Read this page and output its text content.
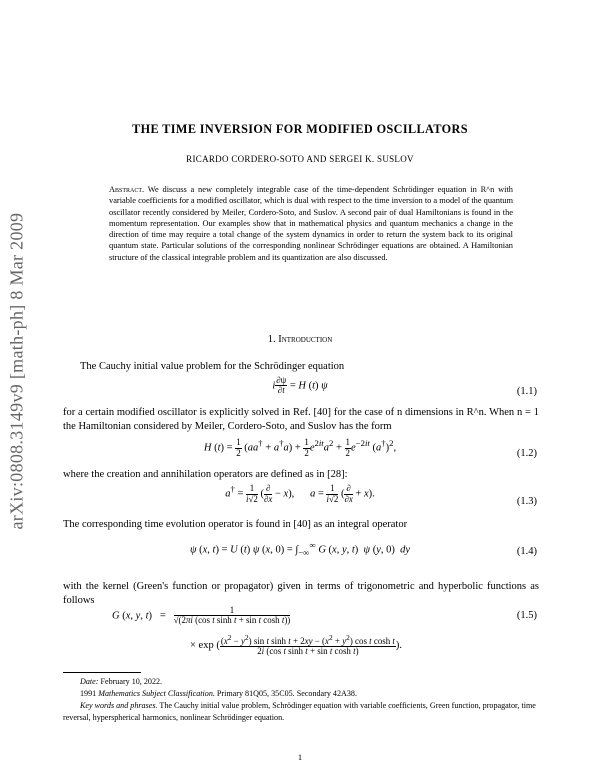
arXiv:0808.3149v9 [math-ph] 8 Mar 2009
THE TIME INVERSION FOR MODIFIED OSCILLATORS
RICARDO CORDERO-SOTO AND SERGEI K. SUSLOV
Abstract. We discuss a new completely integrable case of the time-dependent Schrödinger equation in R^n with variable coefficients for a modified oscillator, which is dual with respect to the time inversion to a model of the quantum oscillator recently considered by Meiler, Cordero-Soto, and Suslov. A second pair of dual Hamiltonians is found in the momentum representation. Our examples show that in mathematical physics and quantum mechanics a change in the direction of time may require a total change of the system dynamics in order to return the system back to its original quantum state. Particular solutions of the corresponding nonlinear Schrödinger equations are obtained. A Hamiltonian structure of the classical integrable problem and its quantization are also discussed.
1. Introduction
The Cauchy initial value problem for the Schrödinger equation
i $\frac{\partial\psi}{\partial t} = H$ (t) ψ
(1.1)
for a certain modified oscillator is explicitly solved in Ref. [40] for the case of n dimensions in R^n. When n = 1 the Hamiltonian considered by Meiler, Cordero-Soto, and Suslov has the form
H $(t) = \frac{1}{2} (aa^\dagger + a^\dagger a) + \frac{1}{2} e^{2it}a^2 + \frac{1}{2} e^{-2it}$ $(a^\dagger)^2$,	(1.2)
where the creation and annihilation operators are defined as in [28]:
$a^\dagger = \frac{1}{i√2}$ ( $\frac{\partial}{\partial x} - x$),      $a = \frac{1}{i√2}$ ( $\frac{\partial}{\partial x} + x$).
(1.3)
The corresponding time evolution operator is found in [40] as an integral operator
ψ (x, t) = U (t) ψ (x, $0) = \int_{-\infty}^\infty$ G (x, y, t)  ψ (y, 0)  dy	(1.4)
with the kernel (Green's function or propagator) given in terms of trigonometric and hyperbolic functions as follows
G (x, y, $t) = \frac{1}{\text{√(2πi (cos t sinh t + sin t cosh t))}}$	(1.5)
× exp ( $\frac{(x^2 - y^2) \sin t \sinh t + 2xy - (x^2 + y^2) \cos t \cosh t}{\text{2i (cos t sinh t + sin t cosh t)}}$ ).
Date: February 10, 2022.
1991 Mathematics Subject Classification. Primary 81Q05, 35C05. Secondary 42A38.
Key words and phrases. The Cauchy initial value problem, Schrödinger equation with variable coefficients, Green function, propagator, time reversal, hyperspherical harmonics, nonlinear Schrödinger equation.
1
